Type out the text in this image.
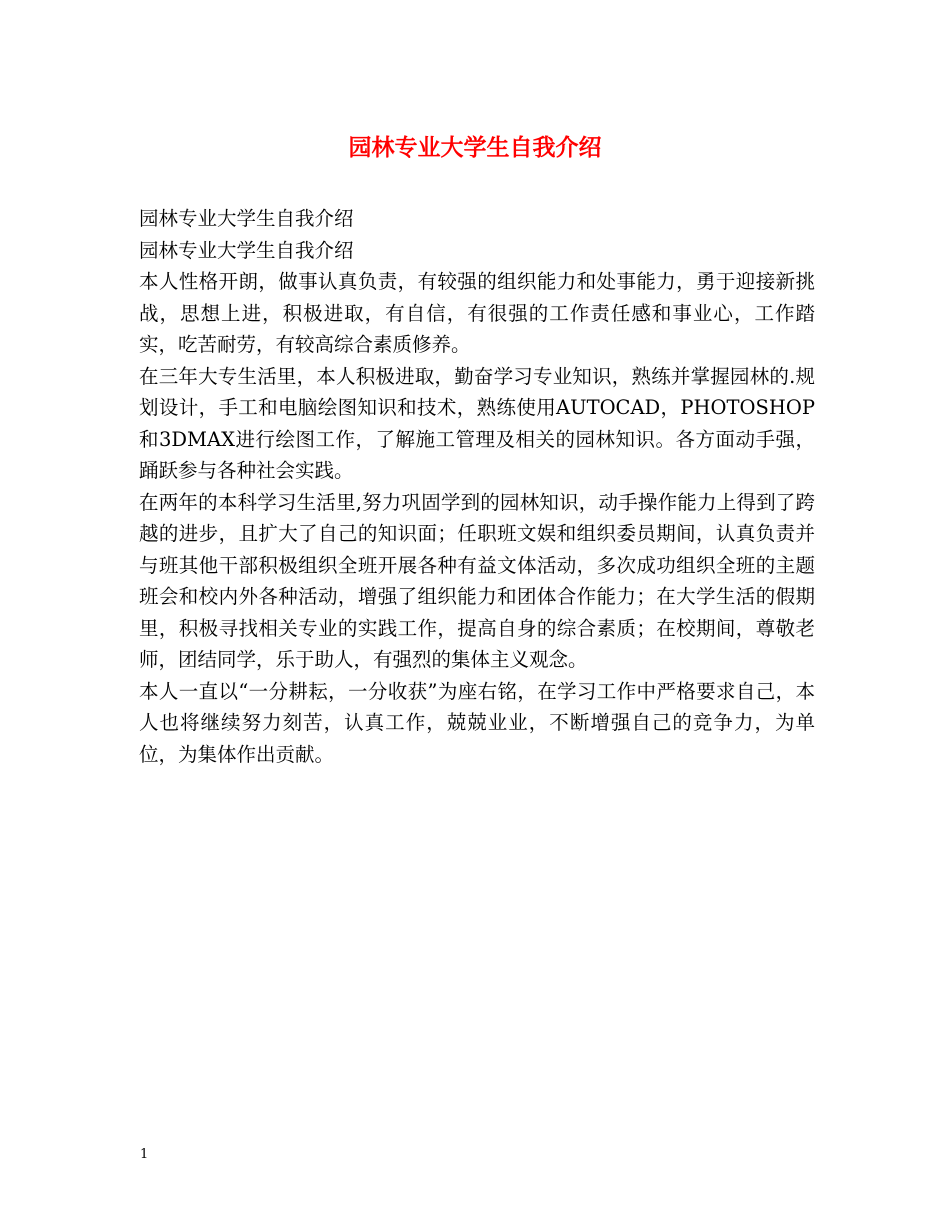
园林专业大学生自我介绍

园林专业大学生自我介绍

园林专业大学生自我介绍

本人性格开朗，做事认真负责，有较强的组织能力和处事能力，勇于迎接新挑战，思想上进，积极进取，有自信，有很强的工作责任感和事业心，工作踏实，吃苦耐劳，有较高综合素质修养。

在三年大专生活里，本人积极进取，勤奋学习专业知识，熟练并掌握园林的.规划设计，手工和电脑绘图知识和技术，熟练使用AUTOCAD，PHOTOSHOP和3DMAX进行绘图工作，了解施工管理及相关的园林知识。各方面动手强，踊跃参与各种社会实践。

在两年的本科学习生活里,努力巩固学到的园林知识，动手操作能力上得到了跨越的进步，且扩大了自己的知识面；任职班文娱和组织委员期间，认真负责并与班其他干部积极组织全班开展各种有益文体活动，多次成功组织全班的主题班会和校内外各种活动，增强了组织能力和团体合作能力；在大学生活的假期里，积极寻找相关专业的实践工作，提高自身的综合素质；在校期间，尊敬老师，团结同学，乐于助人，有强烈的集体主义观念。

本人一直以“一分耕耘，一分收获”为座右铭，在学习工作中严格要求自己，本人也将继续努力刻苦，认真工作，兢兢业业，不断增强自己的竞争力，为单位，为集体作出贡献。

1
